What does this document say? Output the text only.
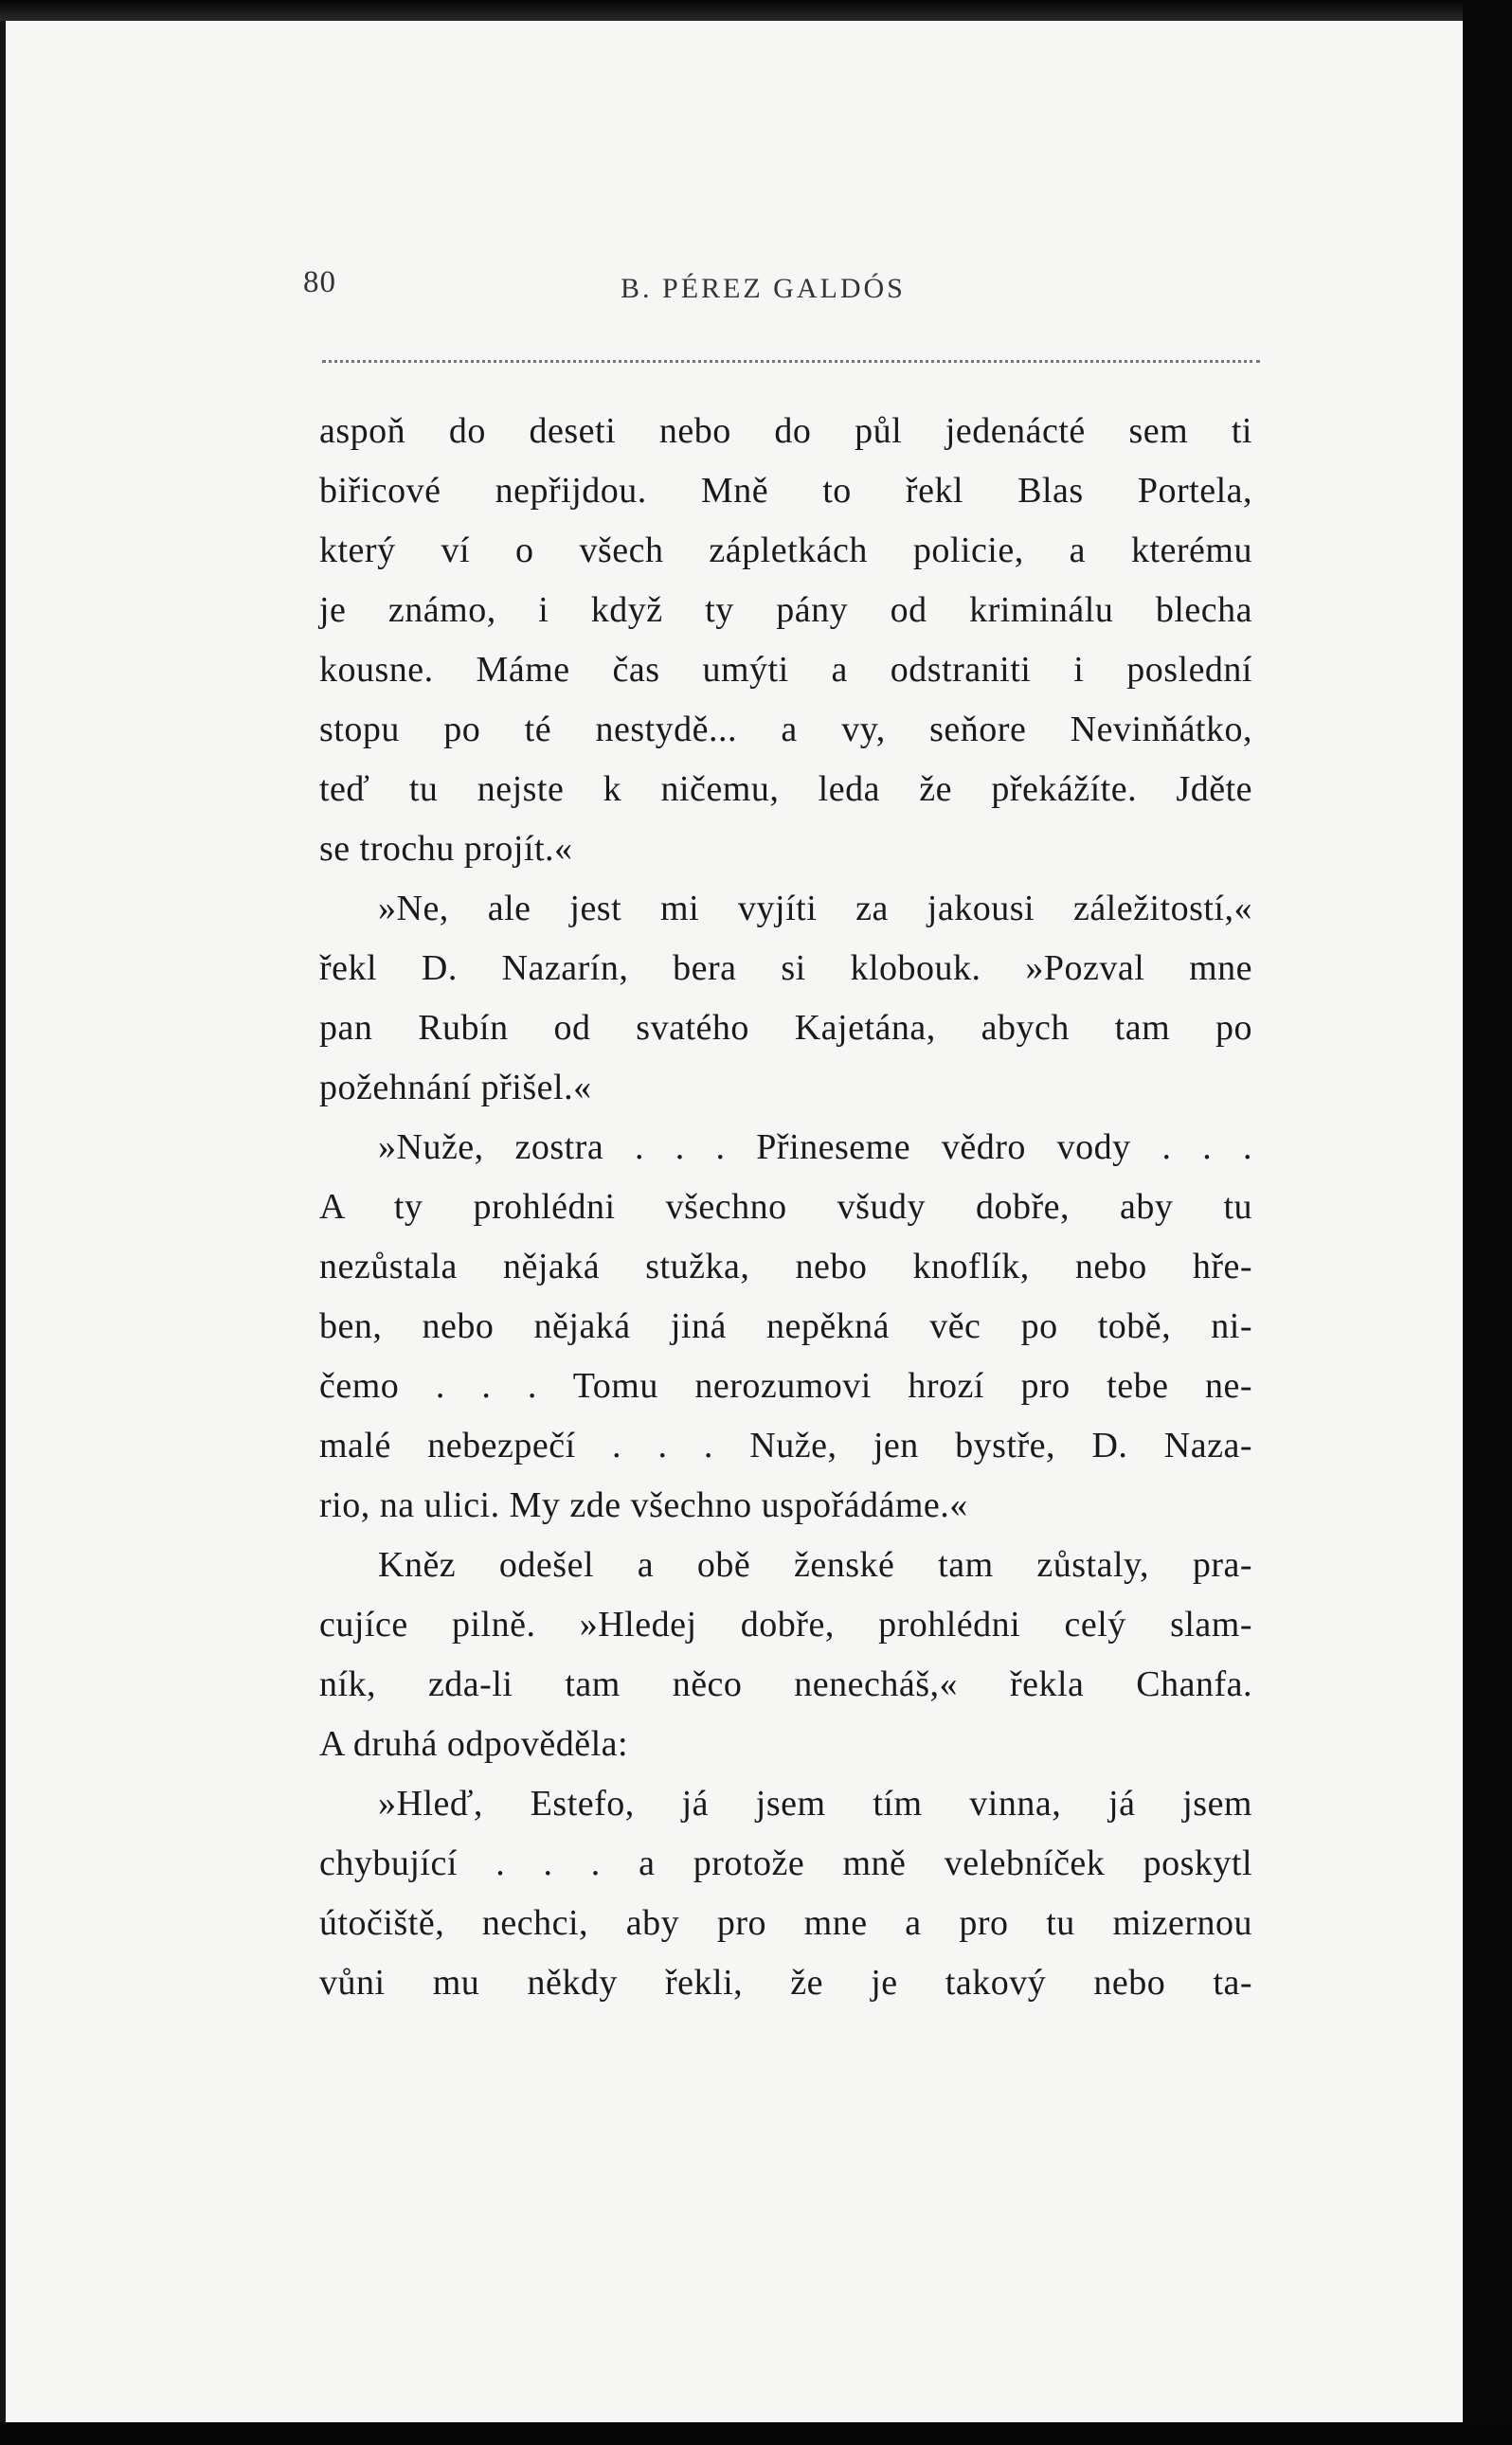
80	B. PÉREZ GALDÓS
aspoň do deseti nebo do půl jedenácté sem ti
biřicové nepřijdou. Mně to řekl Blas Portela,
který ví o všech zápletkách policie, a kterému
je známo, i když ty pány od kriminálu blecha
kousne. Máme čas umýti a odstraniti i poslední
stopu po té nestydě... a vy, seňore Nevinňátko,
teď tu nejste k ničemu, leda že překážíte. Jděte
se trochu projít.«
»Ne, ale jest mi vyjíti za jakousi záležitostí,«
řekl D. Nazarín, bera si klobouk. »Pozval mne
pan Rubín od svatého Kajetána, abych tam po
požehnání přišel.«
»Nuže, zostra . . . Přineseme vědro vody . . .
A ty prohlédni všechno všudy dobře, aby tu
nezůstala nějaká stužka, nebo knoflík, nebo hře-
ben, nebo nějaká jiná nepěkná věc po tobě, ni-
čemo . . . Tomu nerozumovi hrozí pro tebe ne-
malé nebezpečí . . . Nuže, jen bystře, D. Naza-
rio, na ulici. My zde všechno uspořádáme.«
Kněz odešel a obě ženské tam zůstaly, pra-
cujíce pilně. »Hledej dobře, prohlédni celý slam-
ník, zda-li tam něco nenecháš,« řekla Chanfa.
A druhá odpověděla:
»Hleď, Estefo, já jsem tím vinna, já jsem
chybující . . . a protože mně velebníček poskytl
útočiště, nechci, aby pro mne a pro tu mizernou
vůni mu někdy řekli, že je takový nebo ta-
